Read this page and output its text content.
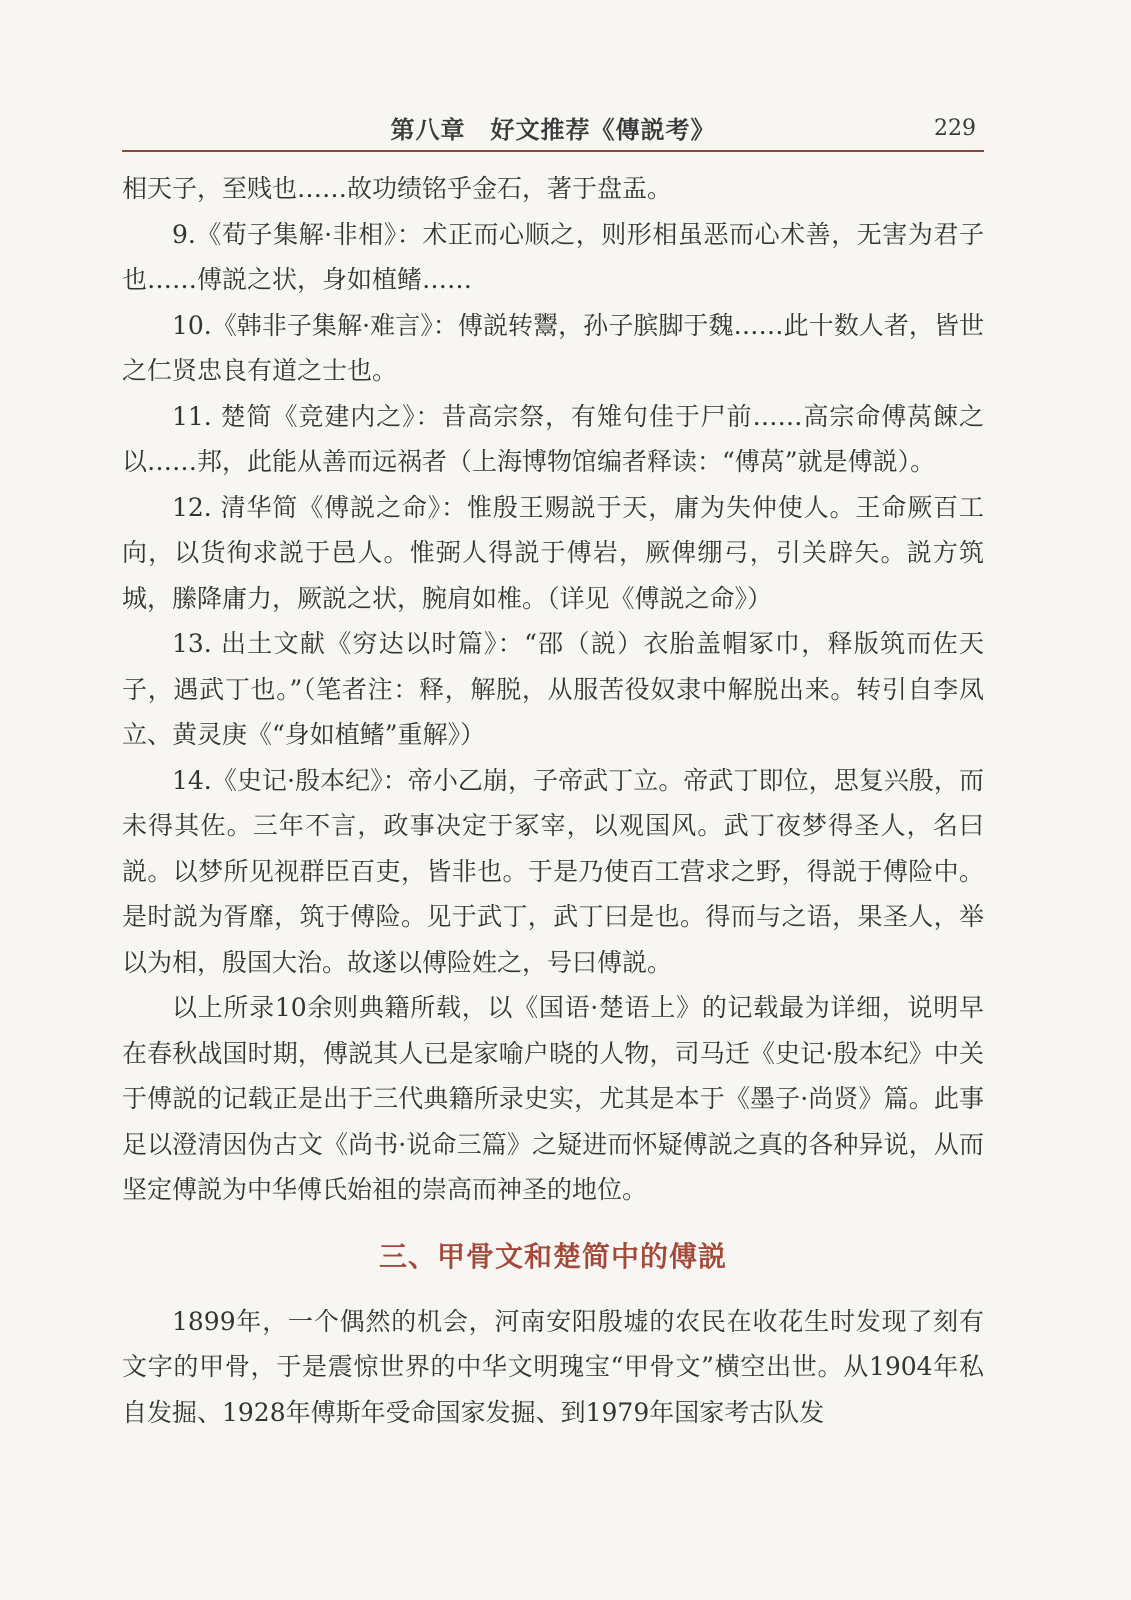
第八章　好文推荐《傳説考》	229

相天子，至贱也……故功绩铭乎金石，著于盘盂。

9.《荀子集解·非相》：术正而心顺之，则形相虽恶而心术善，无害为君子也……傅説之状，身如植鳍……

10.《韩非子集解·难言》：傅説转鬻，孙子膑脚于魏……此十数人者，皆世之仁贤忠良有道之士也。

11. 楚简《竞建内之》：昔高宗祭，有雉句佳于尸前……高宗命傅莴餗之以……邦，此能从善而远祸者（上海博物馆编者释读：“傅莴”就是傅説）。

12. 清华简《傅説之命》：惟殷王赐説于天，庸为失仲使人。王命厥百工向，以货徇求説于邑人。惟弼人得説于傅岩，厥俾绷弓，引关辟矢。説方筑城，縢降庸力，厥説之状，腕肩如椎。（详见《傅説之命》）

13. 出土文献《穷达以时篇》：“邵（説）衣胎盖帽冢巾，释版筑而佐天子，遇武丁也。”（笔者注：释，解脱，从服苦役奴隶中解脱出来。转引自李凤立、黄灵庚《“身如植鳍”重解》）

14.《史记·殷本纪》：帝小乙崩，子帝武丁立。帝武丁即位，思复兴殷，而未得其佐。三年不言，政事决定于冢宰，以观国风。武丁夜梦得圣人，名曰説。以梦所见视群臣百吏，皆非也。于是乃使百工营求之野，得説于傅险中。是时説为胥靡，筑于傅险。见于武丁，武丁曰是也。得而与之语，果圣人，举以为相，殷国大治。故遂以傅险姓之，号曰傅説。

以上所录10余则典籍所载，以《国语·楚语上》的记载最为详细，说明早在春秋战国时期，傅説其人已是家喻户晓的人物，司马迁《史记·殷本纪》中关于傅説的记载正是出于三代典籍所录史实，尤其是本于《墨子·尚贤》篇。此事足以澄清因伪古文《尚书·说命三篇》之疑进而怀疑傅説之真的各种异说，从而坚定傅説为中华傅氏始祖的崇高而神圣的地位。

三、甲骨文和楚简中的傅説

1899年，一个偶然的机会，河南安阳殷墟的农民在收花生时发现了刻有文字的甲骨，于是震惊世界的中华文明瑰宝“甲骨文”横空出世。从1904年私自发掘、1928年傅斯年受命国家发掘、到1979年国家考古队发
